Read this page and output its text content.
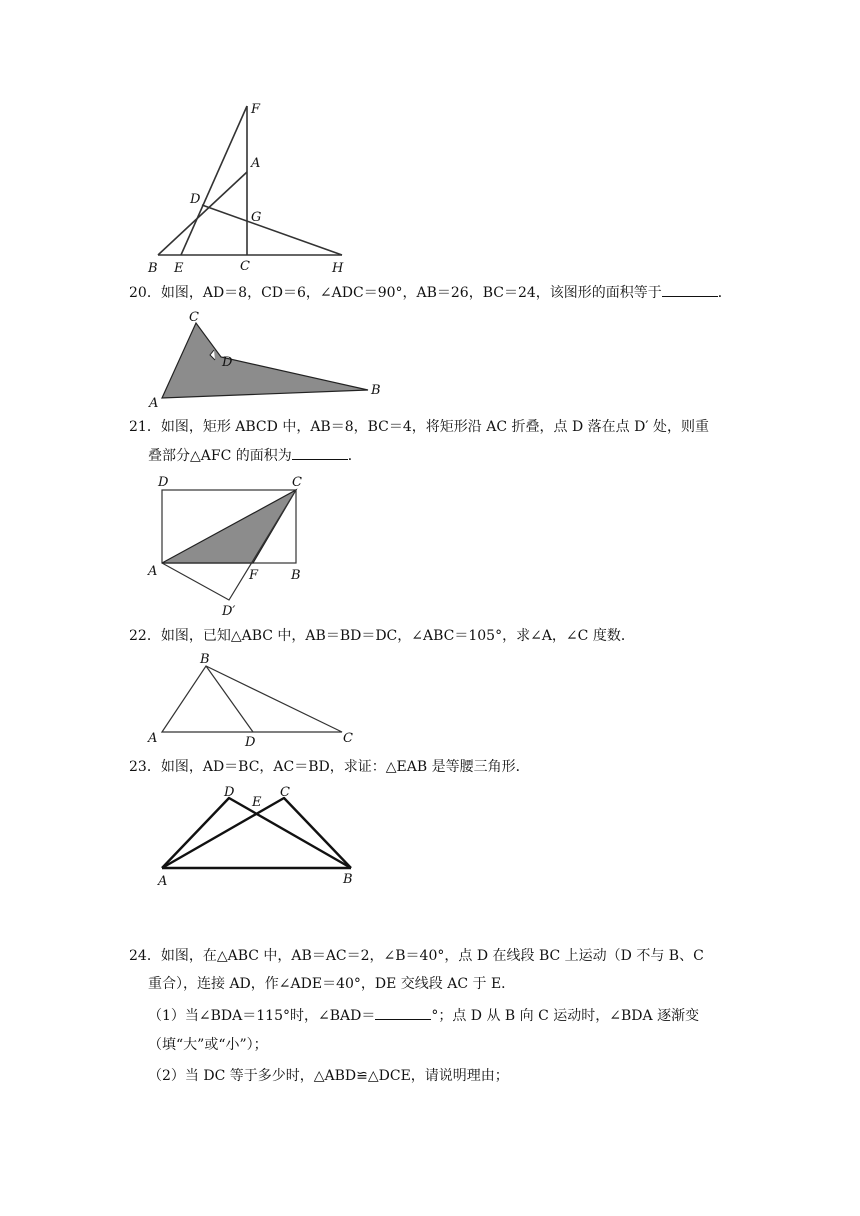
F
A
D
G
B E	C	H
C
D
A
B
D	C
A	F	B
D′
B
A	D	C
D
E
C
A	B
20．如图，AD＝8，CD＝6，∠ADC＝90°，AB＝26，BC＝24，该图形的面积等于	．
21．如图，矩形 ABCD 中，AB＝8，BC＝4，将矩形沿 AC 折叠，点 D 落在点 D′ 处，则重
叠部分△AFC 的面积为	．
22．如图，已知△ABC 中，AB＝BD＝DC，∠ABC＝105°，求∠A，∠C 度数．
23．如图，AD＝BC，AC＝BD，求证：△EAB 是等腰三角形．
24．如图，在△ABC 中，AB＝AC＝2，∠B＝40°，点 D 在线段 BC 上运动（D 不与 B、C
重合），连接 AD，作∠ADE＝40°，DE 交线段 AC 于 E．
（1）当∠BDA＝115°时，∠BAD＝	°；点 D 从 B 向 C 运动时，∠BDA 逐渐变
（填“大”或“小”）；
（2）当 DC 等于多少时，△ABD≌△DCE，请说明理由；
